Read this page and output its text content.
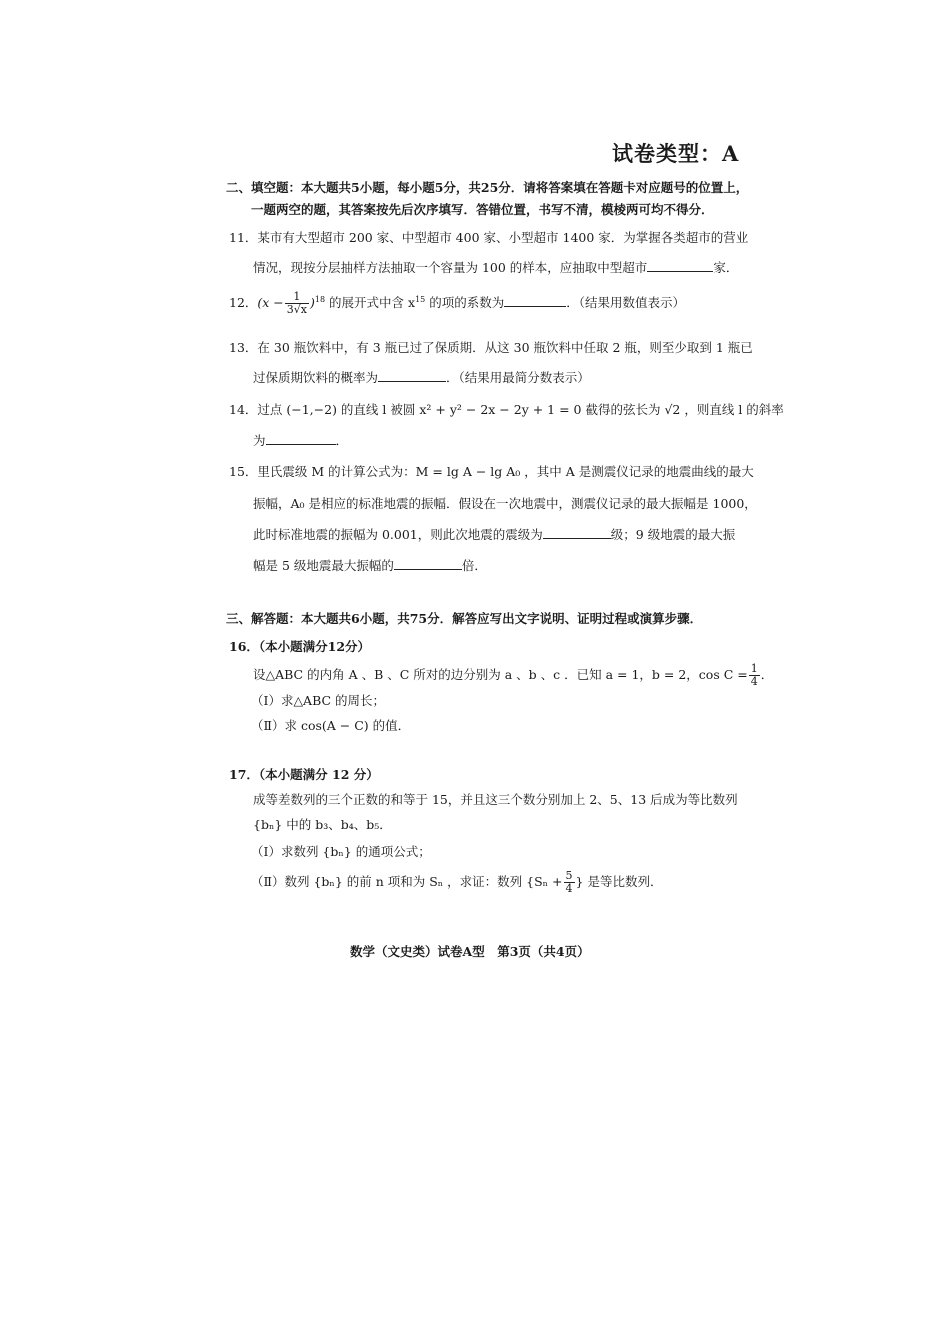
试卷类型：A
二、填空题：本大题共5小题，每小题5分，共25分．请将答案填在答题卡对应题号的位置上，
一题两空的题，其答案按先后次序填写．答错位置，书写不清，模棱两可均不得分．
11．某市有大型超市 200 家、中型超市 400 家、小型超市 1400 家．为掌握各类超市的营业
情况，现按分层抽样方法抽取一个容量为 100 的样本，应抽取中型超市	家．
12．$(x - \frac{1}{3√x} )^{18}$ 的展开式中含 $x^{15}$ 的项的系数为	．（结果用数值表示）
13．在 30 瓶饮料中，有 3 瓶已过了保质期．从这 30 瓶饮料中任取 2 瓶，则至少取到 1 瓶已
过保质期饮料的概率为	．（结果用最简分数表示）
14．过点 (−1,−2) 的直线 l 被圆 x² + y² − 2x − 2y + 1 = 0 截得的弦长为 √2 ，则直线 l 的斜率
为	．
15．里氏震级 M 的计算公式为：M = lg A − lg A₀ ，其中 A 是测震仪记录的地震曲线的最大
振幅，A₀ 是相应的标准地震的振幅．假设在一次地震中，测震仪记录的最大振幅是 1000，
此时标准地震的振幅为 0.001，则此次地震的震级为	级；9 级地震的最大振
幅是 5 级地震最大振幅的	倍．
三、解答题：本大题共6小题，共75分．解答应写出文字说明、证明过程或演算步骤．
16．（本小题满分12分）
设△ABC 的内角 A 、B 、C 所对的边分别为 a 、b 、c ．已知 a = 1，b = 2，$\cos C = \frac{1}{4}$ ．
（Ⅰ）求△ABC 的周长；
（Ⅱ）求 cos(A − C) 的值．
17．（本小题满分 12 分）
成等差数列的三个正数的和等于 15，并且这三个数分别加上 2、5、13 后成为等比数列
{bₙ} 中的 b₃、b₄、b₅．
（Ⅰ）求数列 {bₙ} 的通项公式；
（Ⅱ）数列 {bₙ} 的前 n 项和为 Sₙ ，求证：数列 {$S_n + \frac{5}{4}$ } 是等比数列．
数学（文史类）试卷A型　第3页（共4页）
